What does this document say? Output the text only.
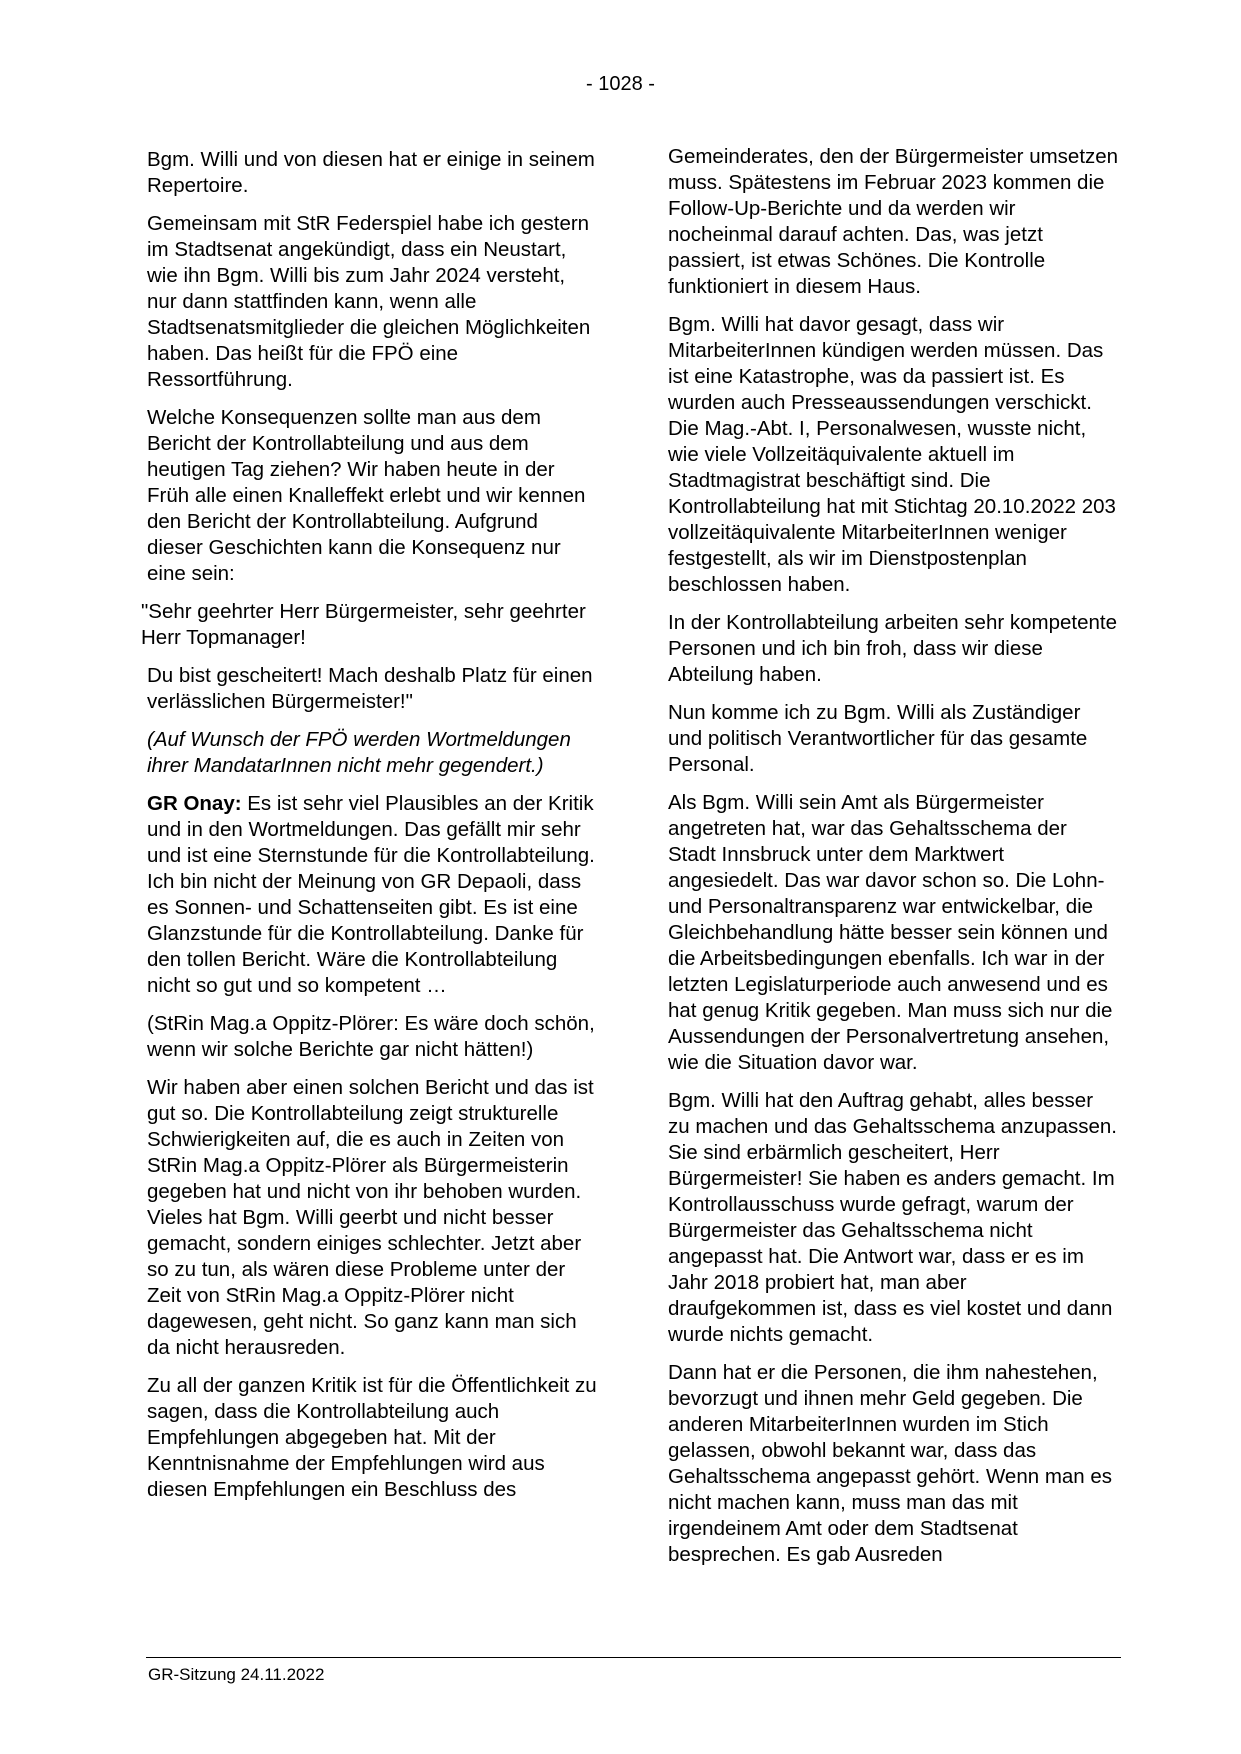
- 1028 -

Bgm. Willi und von diesen hat er einige in seinem Repertoire.

Gemeinsam mit StR Federspiel habe ich gestern im Stadtsenat angekündigt, dass ein Neustart, wie ihn Bgm. Willi bis zum Jahr 2024 versteht, nur dann stattfinden kann, wenn alle Stadtsenatsmitglieder die gleichen Möglichkeiten haben. Das heißt für die FPÖ eine Ressortführung.

Welche Konsequenzen sollte man aus dem Bericht der Kontrollabteilung und aus dem heutigen Tag ziehen? Wir haben heute in der Früh alle einen Knalleffekt erlebt und wir kennen den Bericht der Kontrollabteilung. Aufgrund dieser Geschichten kann die Konsequenz nur eine sein:

"Sehr geehrter Herr Bürgermeister, sehr geehrter Herr Topmanager!

Du bist gescheitert! Mach deshalb Platz für einen verlässlichen Bürgermeister!"

(Auf Wunsch der FPÖ werden Wortmeldungen ihrer MandatarInnen nicht mehr gegendert.)

GR Onay: Es ist sehr viel Plausibles an der Kritik und in den Wortmeldungen. Das gefällt mir sehr und ist eine Sternstunde für die Kontrollabteilung. Ich bin nicht der Meinung von GR Depaoli, dass es Sonnen- und Schattenseiten gibt. Es ist eine Glanzstunde für die Kontrollabteilung. Danke für den tollen Bericht. Wäre die Kontrollabteilung nicht so gut und so kompetent …

(StRin Mag.a Oppitz-Plörer: Es wäre doch schön, wenn wir solche Berichte gar nicht hätten!)

Wir haben aber einen solchen Bericht und das ist gut so. Die Kontrollabteilung zeigt strukturelle Schwierigkeiten auf, die es auch in Zeiten von StRin Mag.a Oppitz-Plörer als Bürgermeisterin gegeben hat und nicht von ihr behoben wurden. Vieles hat Bgm. Willi geerbt und nicht besser gemacht, sondern einiges schlechter. Jetzt aber so zu tun, als wären diese Probleme unter der Zeit von StRin Mag.a Oppitz-Plörer nicht dagewesen, geht nicht. So ganz kann man sich da nicht herausreden.

Zu all der ganzen Kritik ist für die Öffentlichkeit zu sagen, dass die Kontrollabteilung auch Empfehlungen abgegeben hat. Mit der Kenntnisnahme der Empfehlungen wird aus diesen Empfehlungen ein Beschluss des

Gemeinderates, den der Bürgermeister umsetzen muss. Spätestens im Februar 2023 kommen die Follow-Up-Berichte und da werden wir nocheinmal darauf achten. Das, was jetzt passiert, ist etwas Schönes. Die Kontrolle funktioniert in diesem Haus.

Bgm. Willi hat davor gesagt, dass wir MitarbeiterInnen kündigen werden müssen. Das ist eine Katastrophe, was da passiert ist. Es wurden auch Presseaussendungen verschickt. Die Mag.-Abt. I, Personalwesen, wusste nicht, wie viele Vollzeitäquivalente aktuell im Stadtmagistrat beschäftigt sind. Die Kontrollabteilung hat mit Stichtag 20.10.2022 203 vollzeitäquivalente MitarbeiterInnen weniger festgestellt, als wir im Dienstpostenplan beschlossen haben.

In der Kontrollabteilung arbeiten sehr kompetente Personen und ich bin froh, dass wir diese Abteilung haben.

Nun komme ich zu Bgm. Willi als Zuständiger und politisch Verantwortlicher für das gesamte Personal.

Als Bgm. Willi sein Amt als Bürgermeister angetreten hat, war das Gehaltsschema der Stadt Innsbruck unter dem Marktwert angesiedelt. Das war davor schon so. Die Lohn- und Personaltransparenz war entwickelbar, die Gleichbehandlung hätte besser sein können und die Arbeitsbedingungen ebenfalls. Ich war in der letzten Legislaturperiode auch anwesend und es hat genug Kritik gegeben. Man muss sich nur die Aussendungen der Personalvertretung ansehen, wie die Situation davor war.

Bgm. Willi hat den Auftrag gehabt, alles besser zu machen und das Gehaltsschema anzupassen. Sie sind erbärmlich gescheitert, Herr Bürgermeister! Sie haben es anders gemacht. Im Kontrollausschuss wurde gefragt, warum der Bürgermeister das Gehaltsschema nicht angepasst hat. Die Antwort war, dass er es im Jahr 2018 probiert hat, man aber draufgekommen ist, dass es viel kostet und dann wurde nichts gemacht.

Dann hat er die Personen, die ihm nahestehen, bevorzugt und ihnen mehr Geld gegeben. Die anderen MitarbeiterInnen wurden im Stich gelassen, obwohl bekannt war, dass das Gehaltsschema angepasst gehört. Wenn man es nicht machen kann, muss man das mit irgendeinem Amt oder dem Stadtsenat besprechen. Es gab Ausreden

GR-Sitzung 24.11.2022
